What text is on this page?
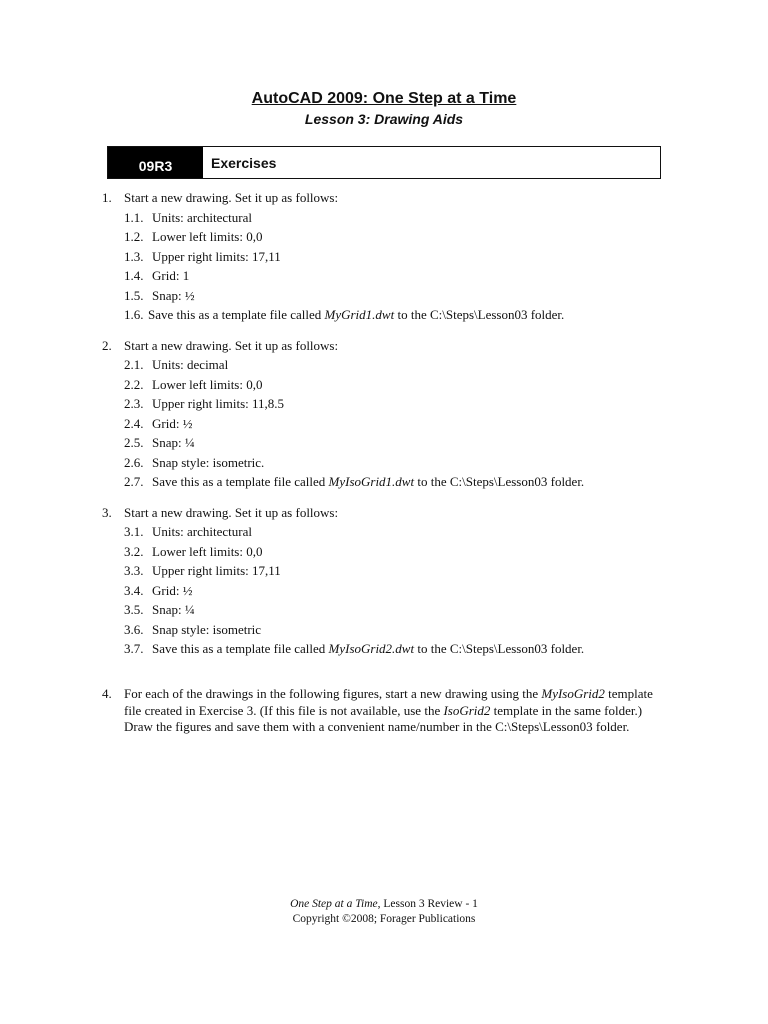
AutoCAD 2009: One Step at a Time
Lesson 3: Drawing Aids
09R3	Exercises
1. Start a new drawing. Set it up as follows:
1.1. Units: architectural
1.2. Lower left limits: 0,0
1.3. Upper right limits: 17,11
1.4. Grid: 1
1.5. Snap: ½
1.6. Save this as a template file called MyGrid1.dwt to the C:\Steps\Lesson03 folder.
2. Start a new drawing. Set it up as follows:
2.1. Units: decimal
2.2. Lower left limits: 0,0
2.3. Upper right limits: 11,8.5
2.4. Grid: ½
2.5. Snap: ¼
2.6. Snap style: isometric.
2.7. Save this as a template file called MyIsoGrid1.dwt to the C:\Steps\Lesson03 folder.
3. Start a new drawing. Set it up as follows:
3.1. Units: architectural
3.2. Lower left limits: 0,0
3.3. Upper right limits: 17,11
3.4. Grid: ½
3.5. Snap: ¼
3.6. Snap style: isometric
3.7. Save this as a template file called MyIsoGrid2.dwt to the C:\Steps\Lesson03 folder.
4. For each of the drawings in the following figures, start a new drawing using the MyIsoGrid2 template file created in Exercise 3. (If this file is not available, use the IsoGrid2 template in the same folder.) Draw the figures and save them with a convenient name/number in the C:\Steps\Lesson03 folder.
One Step at a Time, Lesson 3 Review - 1
Copyright ©2008; Forager Publications
